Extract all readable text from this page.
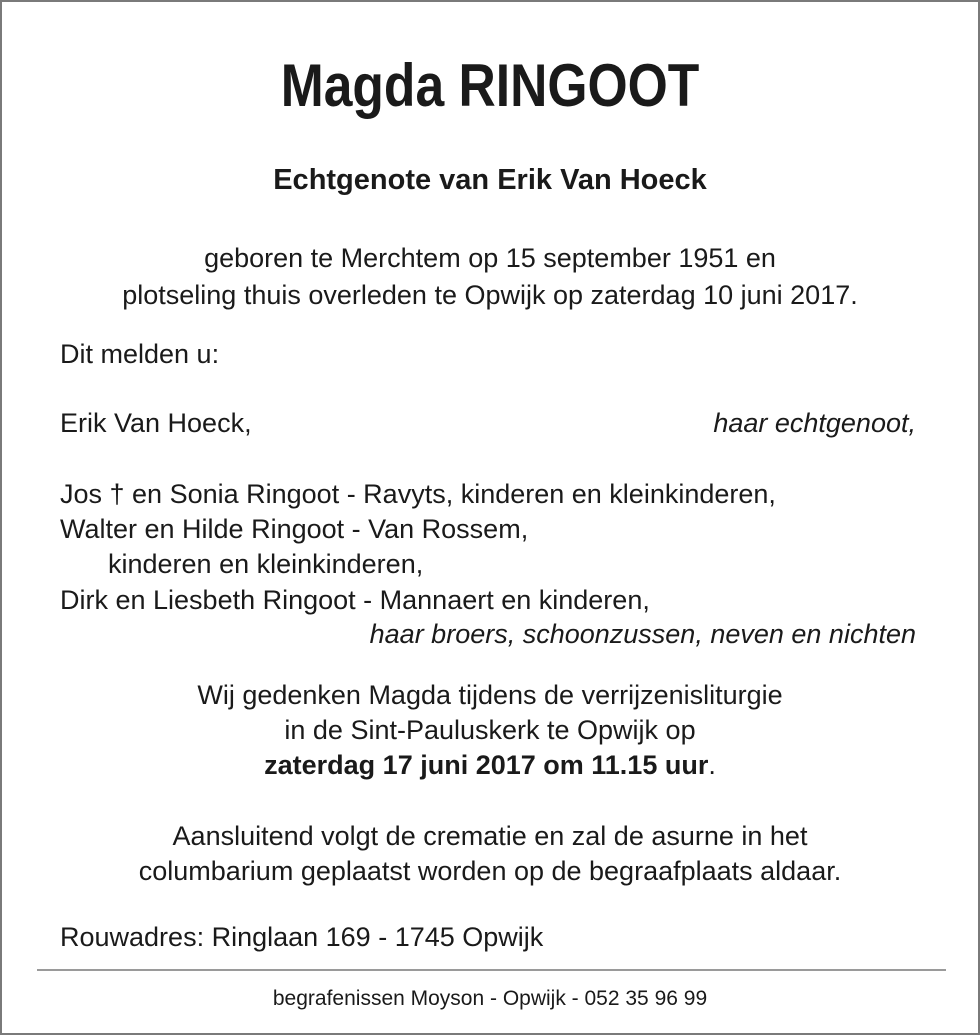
Magda RINGOOT
Echtgenote van Erik Van Hoeck
geboren te Merchtem op 15 september 1951 en
plotseling thuis overleden te Opwijk op zaterdag 10 juni 2017.
Dit melden u:
Erik Van Hoeck,	haar echtgenoot,
Jos † en Sonia Ringoot - Ravyts, kinderen en kleinkinderen,
Walter en Hilde Ringoot - Van Rossem,
kinderen en kleinkinderen,
Dirk en Liesbeth Ringoot - Mannaert en kinderen,
haar broers, schoonzussen, neven en nichten
Wij gedenken Magda tijdens de verrijzenisliturgie
in de Sint-Pauluskerk te Opwijk op
zaterdag 17 juni 2017 om 11.15 uur.
Aansluitend volgt de crematie en zal de asurne in het
columbarium geplaatst worden op de begraafplaats aldaar.
Rouwadres: Ringlaan 169 - 1745 Opwijk
begrafenissen Moyson - Opwijk - 052 35 96 99
